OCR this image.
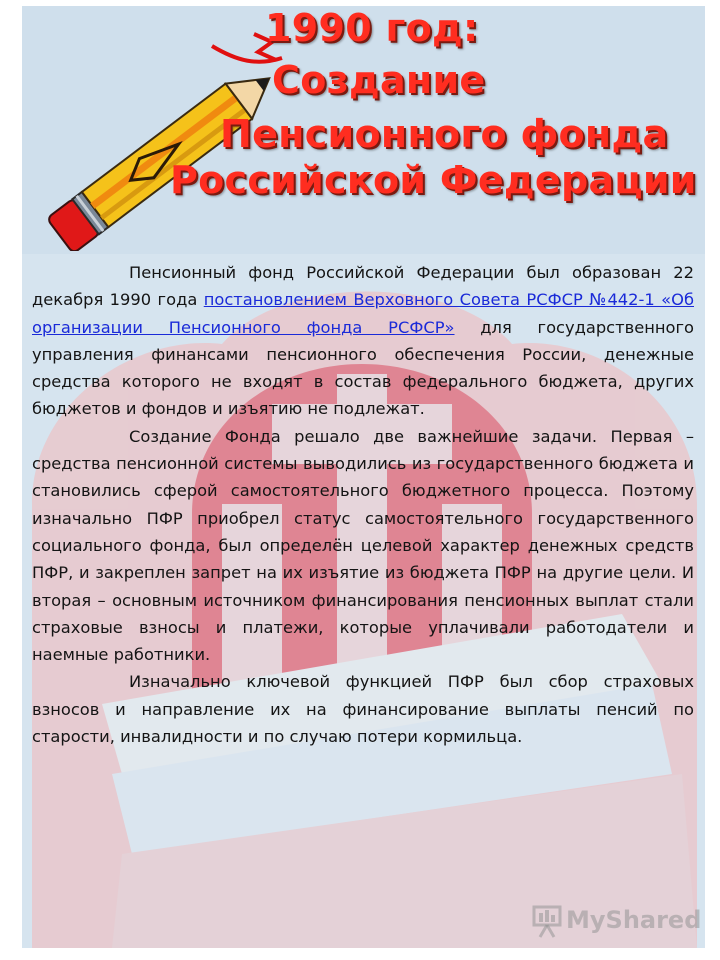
1990 год:
Создание
Пенсионного фонда
Российской Федерации

Пенсионный фонд Российской Федерации был образован 22 декабря 1990 года постановлением Верховного Совета РСФСР №442-1 «Об организации Пенсионного фонда РСФСР» для государственного управления финансами пенсионного обеспечения России, денежные средства которого не входят в состав федерального бюджета, других бюджетов и фондов и изъятию не подлежат.

Создание Фонда решало две важнейшие задачи. Первая – средства пенсионной системы выводились из государственного бюджета и становились сферой самостоятельного бюджетного процесса. Поэтому изначально ПФР приобрел статус самостоятельного государственного социального фонда, был определён целевой характер денежных средств ПФР, и закреплен запрет на их изъятие из бюджета ПФР на другие цели. И вторая – основным источником финансирования пенсионных выплат стали страховые взносы и платежи, которые уплачивали работодатели и наемные работники.

Изначально ключевой функцией ПФР был сбор страховых взносов и направление их на финансирование выплаты пенсий по старости, инвалидности и по случаю потери кормильца.

MyShared
